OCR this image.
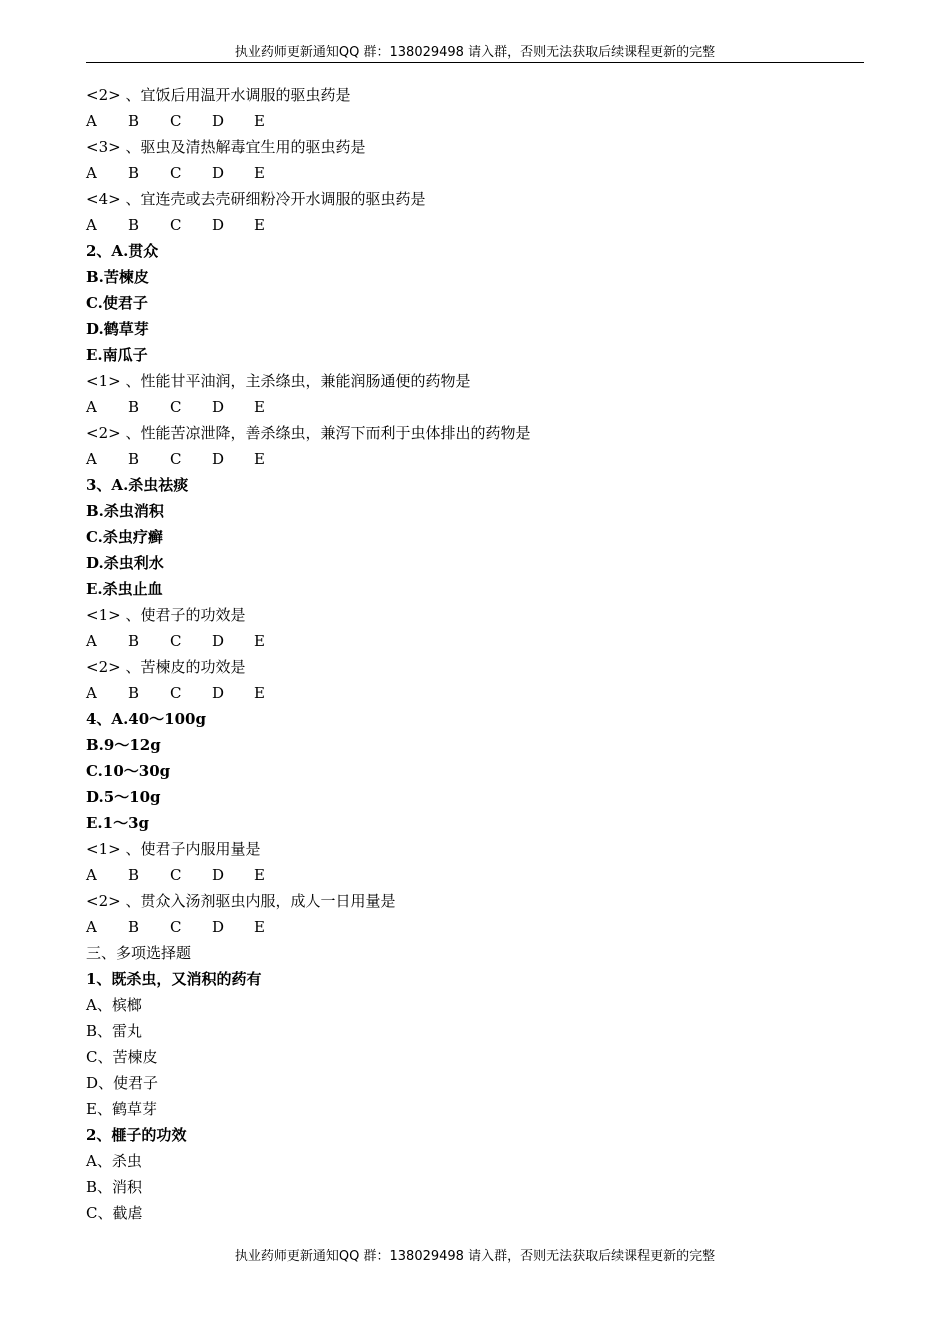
执业药师更新通知QQ 群：138029498 请入群，否则无法获取后续课程更新的完整
<2> 、宜饭后用温开水调服的驱虫药是
A B C D E
<3> 、驱虫及清热解毒宜生用的驱虫药是
A B C D E
<4> 、宜连壳或去壳研细粉冷开水调服的驱虫药是
A B C D E
2、A.贯众
B.苦楝皮
C.使君子
D.鹤草芽
E.南瓜子
<1> 、性能甘平油润，主杀绦虫，兼能润肠通便的药物是
A B C D E
<2> 、性能苦凉泄降，善杀绦虫，兼泻下而利于虫体排出的药物是
A B C D E
3、A.杀虫祛痰
B.杀虫消积
C.杀虫疗癣
D.杀虫利水
E.杀虫止血
<1> 、使君子的功效是
A B C D E
<2> 、苦楝皮的功效是
A B C D E
4、A.40～100g
B.9～12g
C.10～30g
D.5～10g
E.1～3g
<1> 、使君子内服用量是
A B C D E
<2> 、贯众入汤剂驱虫内服，成人一日用量是
A B C D E
三、多项选择题
1、既杀虫，又消积的药有
A、槟榔
B、雷丸
C、苦楝皮
D、使君子
E、鹤草芽
2、榧子的功效
A、杀虫
B、消积
C、截虐
执业药师更新通知QQ 群：138029498 请入群，否则无法获取后续课程更新的完整
